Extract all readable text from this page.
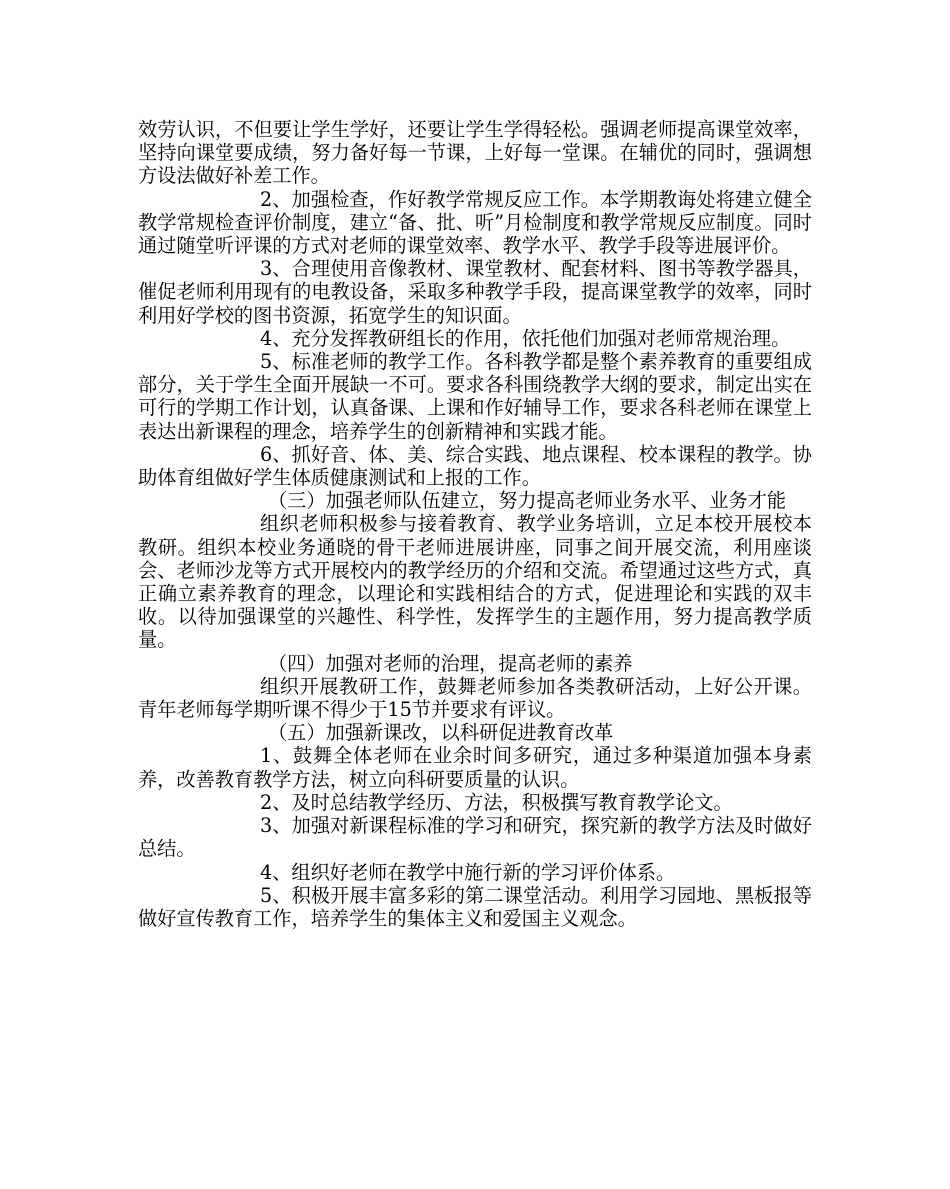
效劳认识，不但要让学生学好，还要让学生学得轻松。强调老师提高课堂效率，坚持向课堂要成绩，努力备好每一节课，上好每一堂课。在辅优的同时，强调想方设法做好补差工作。

2、加强检查，作好教学常规反应工作。本学期教诲处将建立健全教学常规检查评价制度，建立“备、批、听”月检制度和教学常规反应制度。同时通过随堂听评课的方式对老师的课堂效率、教学水平、教学手段等进展评价。

3、合理使用音像教材、课堂教材、配套材料、图书等教学器具，催促老师利用现有的电教设备，采取多种教学手段，提高课堂教学的效率，同时利用好学校的图书资源，拓宽学生的知识面。

4、充分发挥教研组长的作用，依托他们加强对老师常规治理。

5、标准老师的教学工作。各科教学都是整个素养教育的重要组成部分，关于学生全面开展缺一不可。要求各科围绕教学大纲的要求，制定出实在可行的学期工作计划，认真备课、上课和作好辅导工作，要求各科老师在课堂上表达出新课程的理念，培养学生的创新精神和实践才能。

6、抓好音、体、美、综合实践、地点课程、校本课程的教学。协助体育组做好学生体质健康测试和上报的工作。

（三）加强老师队伍建立，努力提高老师业务水平、业务才能

组织老师积极参与接着教育、教学业务培训，立足本校开展校本教研。组织本校业务通晓的骨干老师进展讲座，同事之间开展交流，利用座谈会、老师沙龙等方式开展校内的教学经历的介绍和交流。希望通过这些方式，真正确立素养教育的理念，以理论和实践相结合的方式，促进理论和实践的双丰收。以待加强课堂的兴趣性、科学性，发挥学生的主题作用，努力提高教学质量。

（四）加强对老师的治理，提高老师的素养

组织开展教研工作，鼓舞老师参加各类教研活动，上好公开课。青年老师每学期听课不得少于15节并要求有评议。

（五）加强新课改，以科研促进教育改革

1、鼓舞全体老师在业余时间多研究，通过多种渠道加强本身素养，改善教育教学方法，树立向科研要质量的认识。

2、及时总结教学经历、方法，积极撰写教育教学论文。

3、加强对新课程标准的学习和研究，探究新的教学方法及时做好总结。

4、组织好老师在教学中施行新的学习评价体系。

5、积极开展丰富多彩的第二课堂活动。利用学习园地、黑板报等做好宣传教育工作，培养学生的集体主义和爱国主义观念。
